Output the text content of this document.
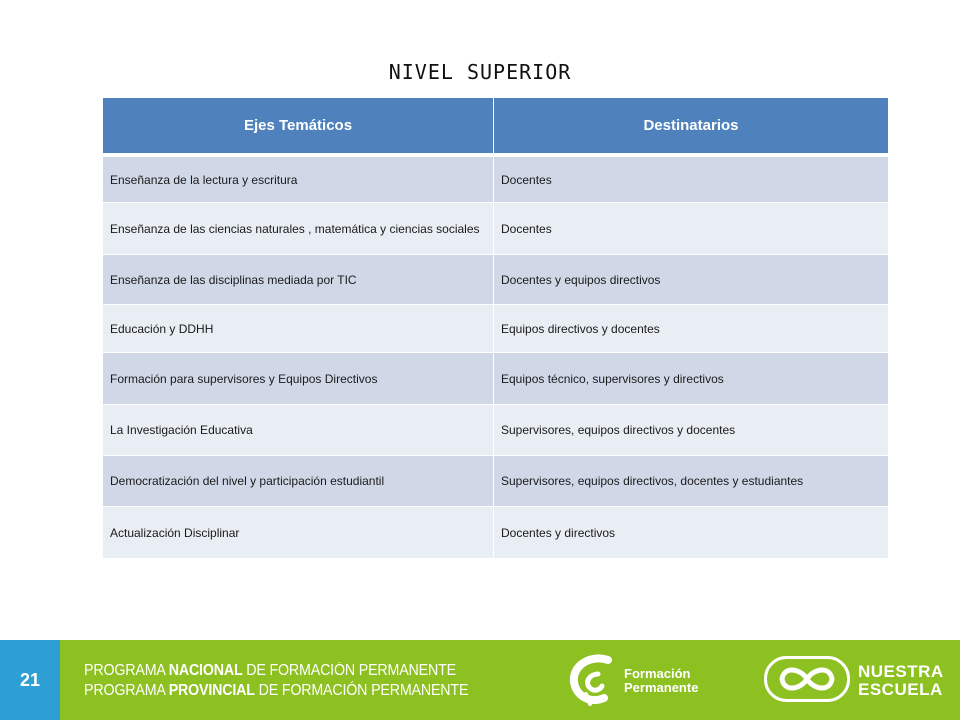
NIVEL SUPERIOR
Ejes Temáticos	Destinatarios
Enseñanza de la lectura y escritura	Docentes
Enseñanza de las ciencias naturales , matemática y ciencias sociales	Docentes
Enseñanza de las disciplinas mediada por TIC	Docentes y equipos directivos
Educación y DDHH	Equipos directivos y docentes
Formación para supervisores y Equipos Directivos	Equipos técnico, supervisores y directivos
La Investigación Educativa	Supervisores, equipos directivos y docentes
Democratización del nivel y participación estudiantil	Supervisores, equipos directivos, docentes y estudiantes
Actualización Disciplinar	Docentes y directivos
21	PROGRAMA NACIONAL DE FORMACIÓN PERMANENTE
PROGRAMA PROVINCIAL DE FORMACIÓN PERMANENTE
Formación
Permanente
NUESTRA
ESCUELA
